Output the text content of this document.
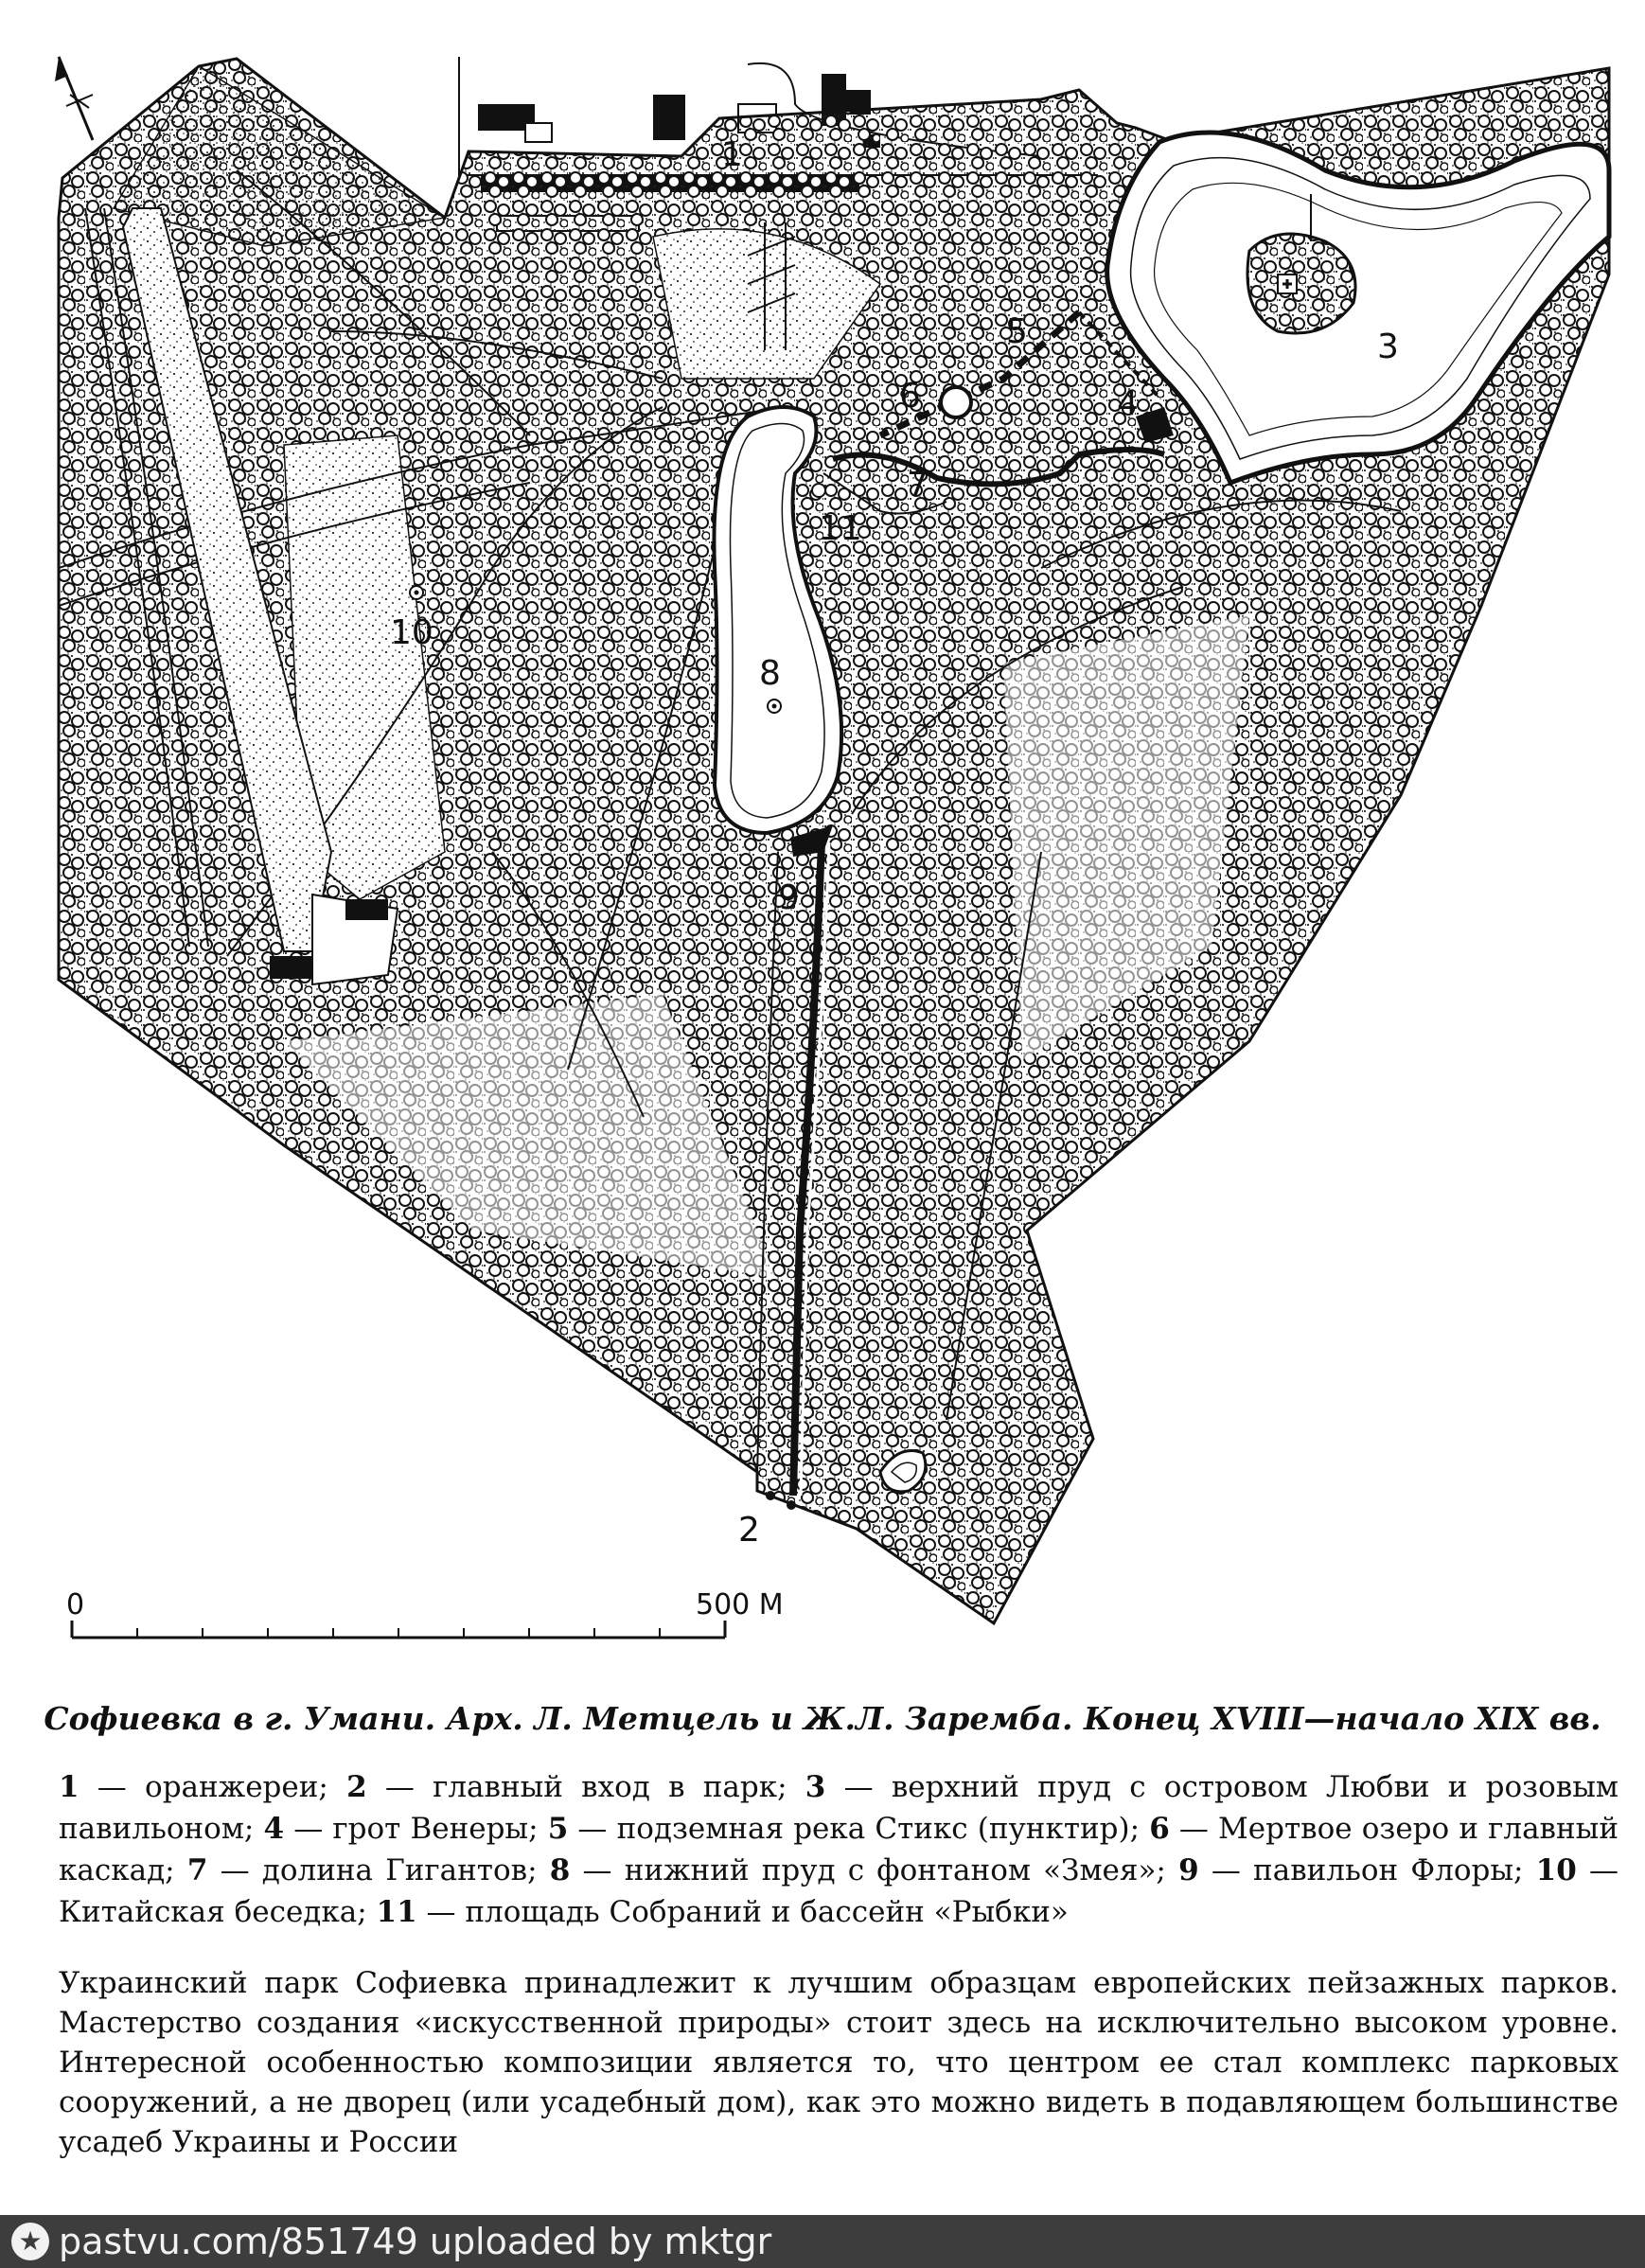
1
2
3
4
5
6
7
8
9
10
11
0	500 М
Софиевка в г. Умани. Арх. Л. Метцель и Ж.Л. Заремба. Конец XVIII—начало XIX вв.
1 — оранжереи; 2 — главный вход в парк; 3 — верхний пруд с островом Любви и розовым павильоном; 4 — грот Венеры; 5 — подземная река Стикс (пунктир); 6 — Мертвое озеро и главный каскад; 7 — долина Гигантов; 8 — нижний пруд с фонтаном «Змея»; 9 — павильон Флоры; 10 — Китайская беседка; 11 — площадь Собраний и бассейн «Рыбки»
Украинский парк Софиевка принадлежит к лучшим образцам европейских пейзажных парков. Мастерство создания «искусственной природы» стоит здесь на исключительно высоком уровне. Интересной особенностью композиции является то, что центром ее стал комплекс парковых сооружений, а не дворец (или усадебный дом), как это можно видеть в подавляющем большинстве усадеб Украины и России
★ pastvu.com/851749 uploaded by mktgr
